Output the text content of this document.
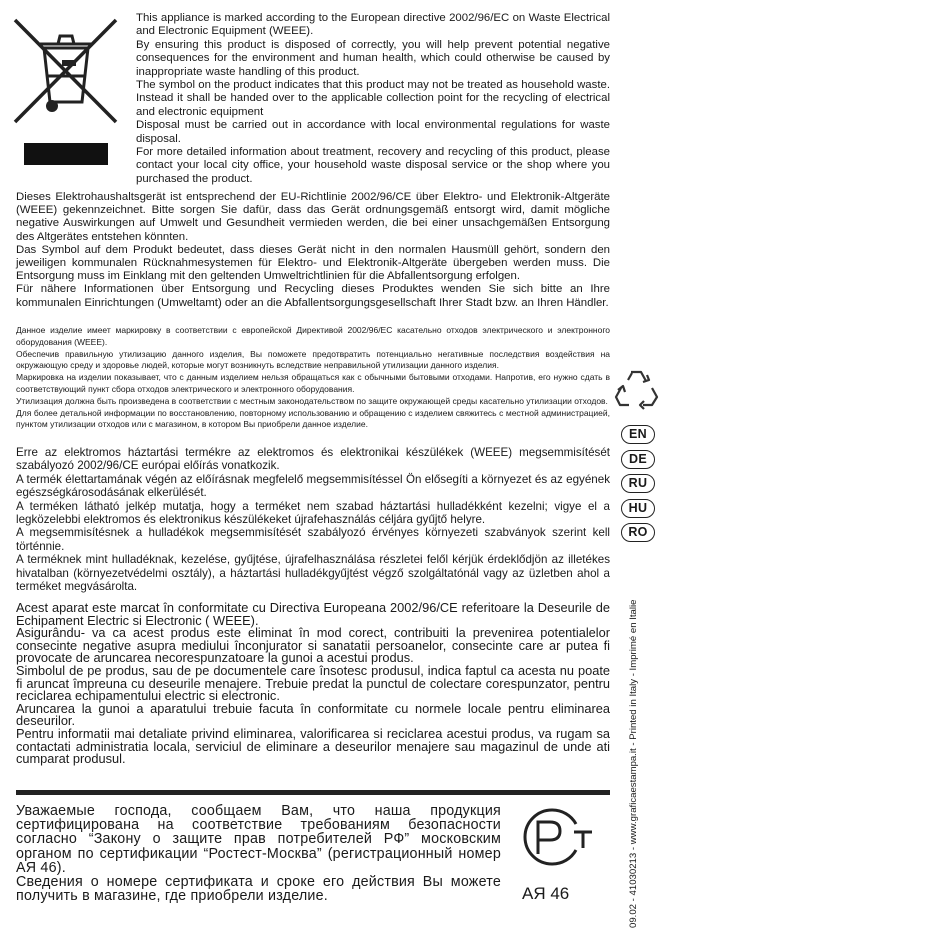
This appliance is marked according to the European directive 2002/96/EC on Waste Electrical and Electronic Equipment (WEEE).

By ensuring this product is disposed of correctly, you will help prevent potential negative consequences for the environment and human health, which could otherwise be caused by inappropriate waste handling of this product.

The symbol on the product indicates that this product may not be treated as household waste. Instead it shall be handed over to the applicable collection point for the recycling of electrical and electronic equipment

Disposal must be carried out in accordance with local environmental regulations for waste disposal.

For more detailed information about treatment, recovery and recycling of this product, please contact your local city office, your household waste disposal service or the shop where you purchased the product.

Dieses Elektrohaushaltsgerät ist entsprechend der EU-Richtlinie 2002/96/CE über Elektro- und Elektronik-Altgeräte (WEEE) gekennzeichnet. Bitte sorgen Sie dafür, dass das Gerät ordnungsgemäß entsorgt wird, damit mögliche negative Auswirkungen auf Umwelt und Gesundheit vermieden werden, die bei einer unsachgemäßen Entsorgung des Altgerätes entstehen könnten.

Das Symbol auf dem Produkt bedeutet, dass dieses Gerät nicht in den normalen Hausmüll gehört, sondern den jeweiligen kommunalen Rücknahmesystemen für Elektro- und Elektronik-Altgeräte übergeben werden muss. Die Entsorgung muss im Einklang mit den geltenden Umweltrichtlinien für die Abfallentsorgung erfolgen.

Für nähere Informationen über Entsorgung und Recycling dieses Produktes wenden Sie sich bitte an Ihre kommunalen Einrichtungen (Umweltamt) oder an die Abfallentsorgungsgesellschaft Ihrer Stadt bzw. an Ihren Händler.

Данное изделие имеет маркировку в соответствии с европейской Директивой 2002/96/ЕС касательно отходов электрического и электронного оборудования (WEEE).

Обеспечив правильную утилизацию данного изделия, Вы поможете предотвратить потенциально негативные последствия воздействия на окружающую среду и здоровье людей, которые могут возникнуть вследствие неправильной утилизации данного изделия.

Маркировка на изделии показывает, что с данным изделием нельзя обращаться как с обычными бытовыми отходами. Напротив, его нужно сдать в соответствующий пункт сбора отходов электрического и электронного оборудования.

Утилизация должна быть произведена в соответствии с местным законодательством по защите окружающей среды касательно утилизации отходов.

Для более детальной информации по восстановлению, повторному использованию и обращению с изделием свяжитесь с местной администрацией, пунктом утилизации отходов или с магазином, в котором Вы приобрели данное изделие.

Erre az elektromos háztartási termékre az elektromos és elektronikai készülékek (WEEE) megsemmisítését szabályozó 2002/96/CE európai előírás vonatkozik.

A termék élettartamának végén az előírásnak megfelelő megsemmisítéssel Ön elősegíti a környezet és az egyének egészségkárosodásának elkerülését.

A terméken látható jelkép mutatja, hogy a terméket nem szabad háztartási hulladékként kezelni; vigye el a legközelebbi elektromos és elektronikus készülékeket újrafehasználás céljára gyűjtő helyre.

A megsemmisítésnek a hulladékok megsemmisítését szabályozó érvényes környezeti szabványok szerint kell történnie.

A terméknek mint hulladéknak, kezelése, gyűjtése, újrafelhasználása részletei felől kérjük érdeklődjön az illetékes hivatalban (környezetvédelmi osztály), a háztartási hulladékgyűjtést végző szolgáltatónál vagy az üzletben ahol a terméket megvásárolta.

Acest aparat este marcat în conformitate cu Directiva Europeana 2002/96/CE referitoare la Deseurile de Echipament Electric si Electronic ( WEEE).

Asigurându- va ca acest produs este eliminat în mod corect, contribuiti la prevenirea potentialelor consecinte negative asupra mediului înconjurator si sanatatii persoanelor, consecinte care ar putea fi provocate de aruncarea necorespunzatoare la gunoi a acestui produs.

Simbolul de pe produs, sau de pe documentele care însotesc produsul, indica faptul ca acesta nu poate fi aruncat împreuna cu deseurile menajere. Trebuie predat la punctul de colectare corespunzator, pentru reciclarea echipamentului electric si electronic.

Aruncarea la gunoi a aparatului trebuie facuta în conformitate cu normele locale pentru eliminarea deseurilor.

Pentru informatii mai detaliate privind eliminarea, valorificarea si reciclarea acestui produs, va rugam sa contactati administratia locala, serviciul de eliminare a deseurilor menajere sau magazinul de unde ati cumparat produsul.

Уважаемые господа, сообщаем Вам, что наша продукция сертифицирована на соответствие требованиям безопасности согласно “Закону о защите прав потребителей РФ” московским органом по сертификации “Ростест-Москва” (регистрационный номер АЯ 46).

Сведения о номере сертификата и сроке его действия Вы можете получить в магазине, где приобрели изделие.	АЯ 46
EN
DE
RU
HU
RO
09.02 - 41030213 - www.graficaestampa.it - Printed in Italy - Imprimé en Italie
